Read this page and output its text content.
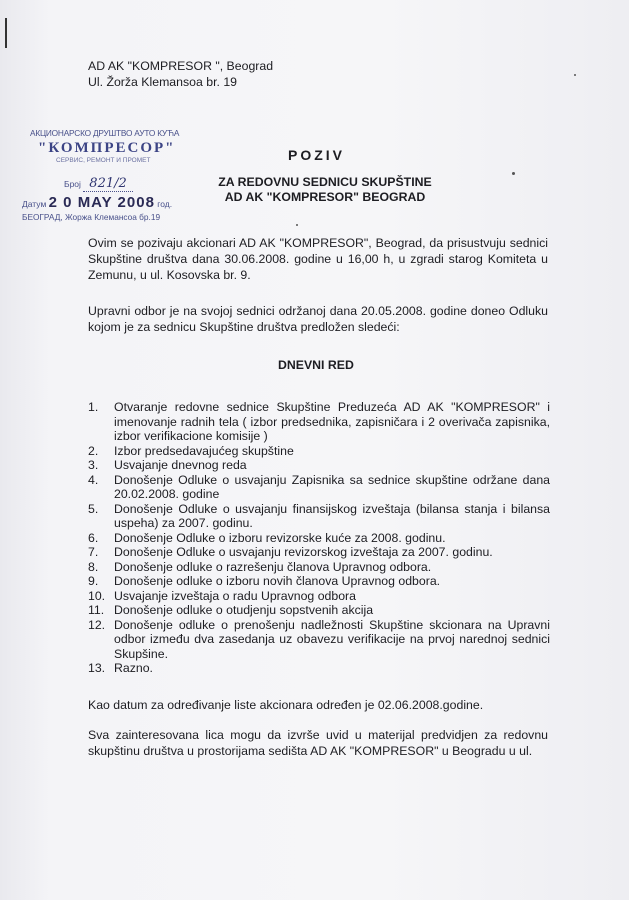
AD AK "KOMPRESOR ", Beograd
Ul. Žorža Klemansoa br. 19
АКЦИОНАРСКО ДРУШТВО АУТО КУЋА
"КОМПРЕСОР"
СЕРВИС, РЕМОНТ И ПРОМЕТ
Број 821/2
Датум 2 0 MAY 2008 год.
БЕОГРАД, Жоржа Клемансоа бр.19
POZIV
ZA REDOVNU SEDNICU SKUPŠTINE
AD AK "KOMPRESOR" BEOGRAD
Ovim se pozivaju akcionari AD AK "KOMPRESOR", Beograd, da prisustvuju sednici Skupštine društva dana 30.06.2008. godine u 16,00 h, u zgradi starog Komiteta u Zemunu, u ul. Kosovska br. 9.
Upravni odbor je na svojoj sednici održanoj dana 20.05.2008. godine doneo Odluku kojom je za sednicu Skupštine društva predložen sledeći:
DNEVNI RED
1.	Otvaranje redovne sednice Skupštine Preduzeća AD AK "KOMPRESOR" i imenovanje radnih tela ( izbor predsednika, zapisničara i 2 overivača zapisnika, izbor verifikacione komisije )
2.	Izbor predsedavajućeg skupštine
3.	Usvajanje dnevnog reda
4.	Donošenje Odluke o usvajanju Zapisnika sa sednice skupštine održane dana 20.02.2008. godine
5.	Donošenje Odluke o usvajanju finansijskog izveštaja (bilansa stanja i bilansa uspeha) za 2007. godinu.
6.	Donošenje Odluke o izboru revizorske kuće za 2008. godinu.
7.	Donošenje Odluke o usvajanju revizorskog izveštaja za 2007. godinu.
8.	Donošenje odluke o razrešenju članova Upravnog odbora.
9.	Donošenje odluke o izboru novih članova Upravnog odbora.
10. Usvajanje izveštaja o radu Upravnog odbora
11. Donošenje odluke o otudjenju sopstvenih akcija
12. Donošenje odluke o prenošenju nadležnosti Skupštine skcionara na Upravni odbor između dva zasedanja uz obavezu verifikacije na prvoj narednoj sednici Skupšine.
13. Razno.
Kao datum za određivanje liste akcionara određen je 02.06.2008.godine.
Sva zainteresovana lica mogu da izvrše uvid u materijal predvidjen za redovnu skupštinu društva u prostorijama sedišta AD AK "KOMPRESOR" u Beogradu u ul.
